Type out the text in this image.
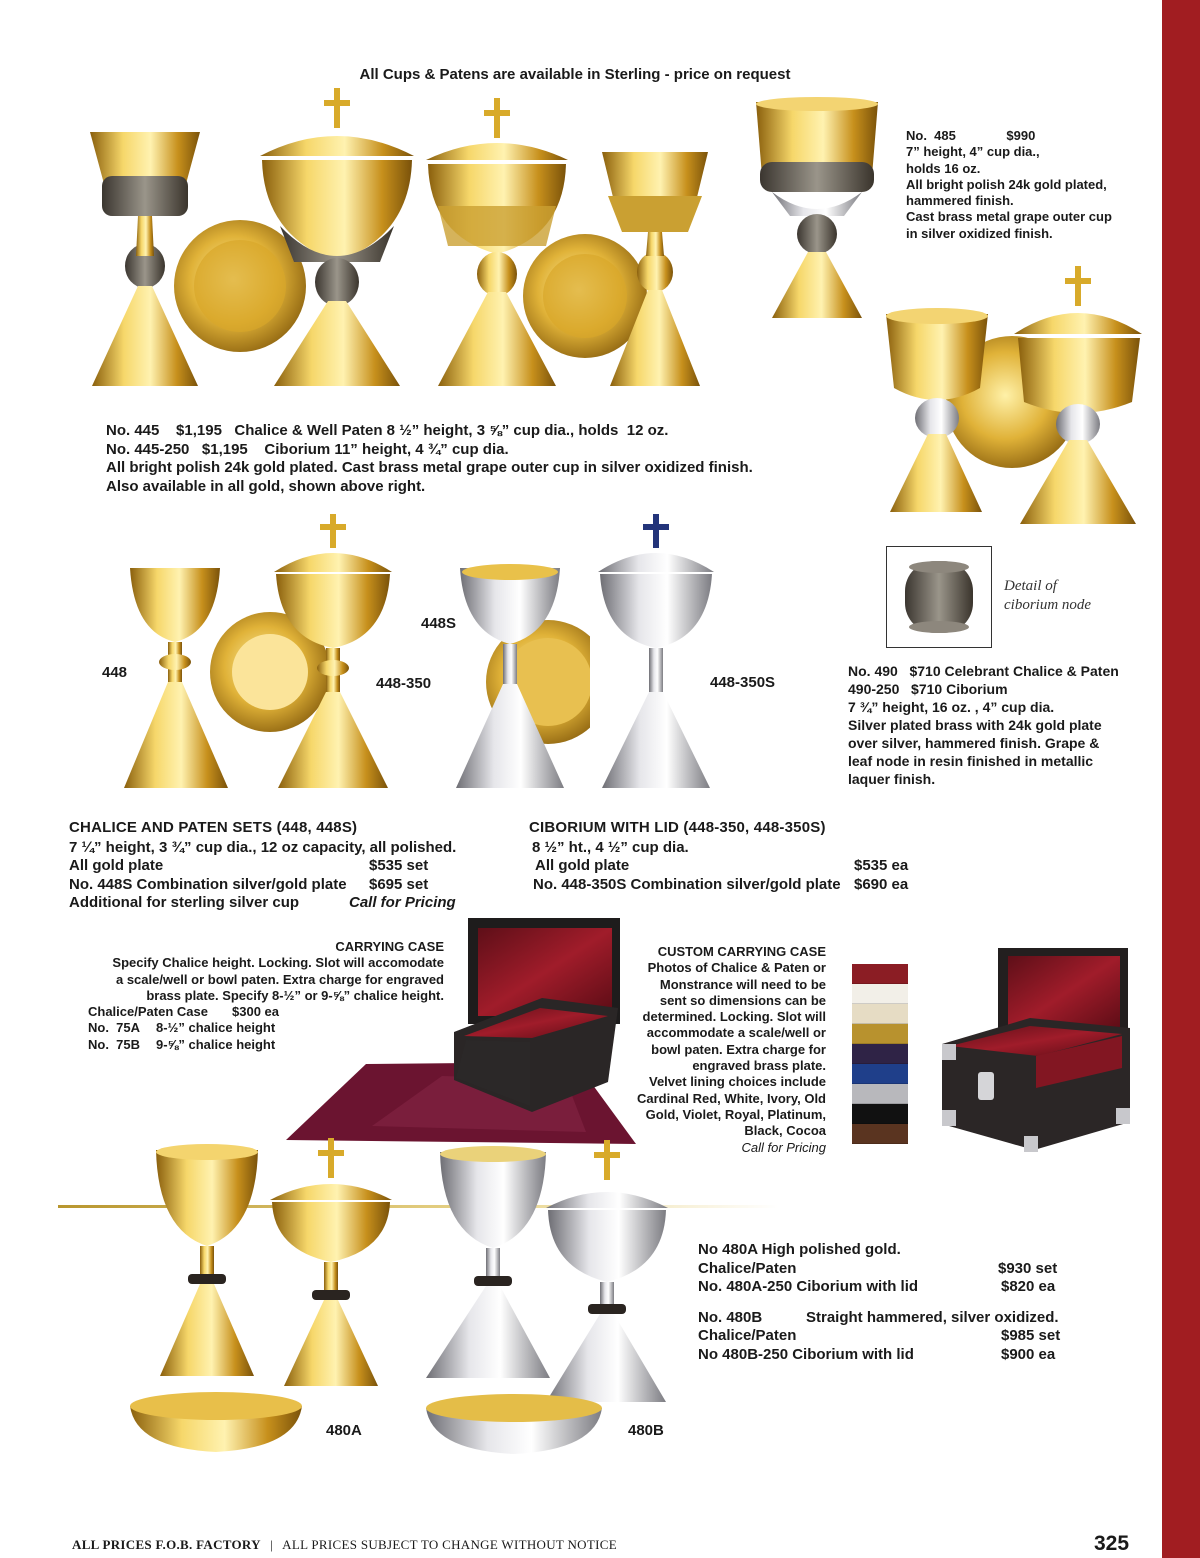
All Cups & Patens are available in Sterling - price on request
No.  485              $990
7” height, 4” cup dia.,
holds 16 oz.
All bright polish 24k gold plated,
hammered finish.
Cast brass metal grape outer cup
in silver oxidized finish.
No. 445    $1,195   Chalice & Well Paten 8 ½” height, 3 ⅝” cup dia., holds  12 oz.
No. 445-250   $1,195    Ciborium 11” height, 4 ¾” cup dia.
All bright polish 24k gold plated. Cast brass metal grape outer cup in silver oxidized finish.
Also available in all gold, shown above right.
448
448S
448-350	448-350S
Detail of
ciborium node
No. 490   $710 Celebrant Chalice & Paten
490-250   $710 Ciborium
7 ¾” height, 16 oz. , 4” cup dia.
Silver plated brass with 24k gold plate
over silver, hammered finish. Grape &
leaf node in resin finished in metallic
laquer finish.
CHALICE AND PATEN SETS (448, 448S)
7 ¼” height, 3 ¾” cup dia., 12 oz capacity, all polished.
All gold plate	$535 set
No. 448S Combination silver/gold plate	$695 set
Additional for sterling silver cup	Call for Pricing
CIBORIUM WITH LID (448-350, 448-350S)
8 ½” ht., 4 ½” cup dia.
All gold plate	$535 ea
No. 448-350S Combination silver/gold plate $690 ea
CARRYING CASE
Specify Chalice height. Locking. Slot will accomodate
a scale/well or bowl paten. Extra charge for engraved
brass plate. Specify 8-½” or 9-⅝” chalice height.
Chalice/Paten Case	$300 ea
No.  75A	8-½” chalice height
No.  75B	9-⅝” chalice height
CUSTOM CARRYING CASE
Photos of Chalice & Paten or
Monstrance will need to be
sent so dimensions can be
determined. Locking. Slot will
accommodate a scale/well or
bowl paten. Extra charge for
engraved brass plate.
Velvet lining choices include
Cardinal Red, White, Ivory, Old
Gold, Violet, Royal, Platinum,
Black, Cocoa
Call for Pricing
480A	480B
No 480A High polished gold.
Chalice/Paten	$930 set
No. 480A-250 Ciborium with lid	$820 ea
No. 480B	Straight hammered, silver oxidized.
Chalice/Paten	$985 set
No 480B-250 Ciborium with lid	$900 ea
ALL PRICES F.O.B. FACTORY | ALL PRICES SUBJECT TO CHANGE WITHOUT NOTICE	325
